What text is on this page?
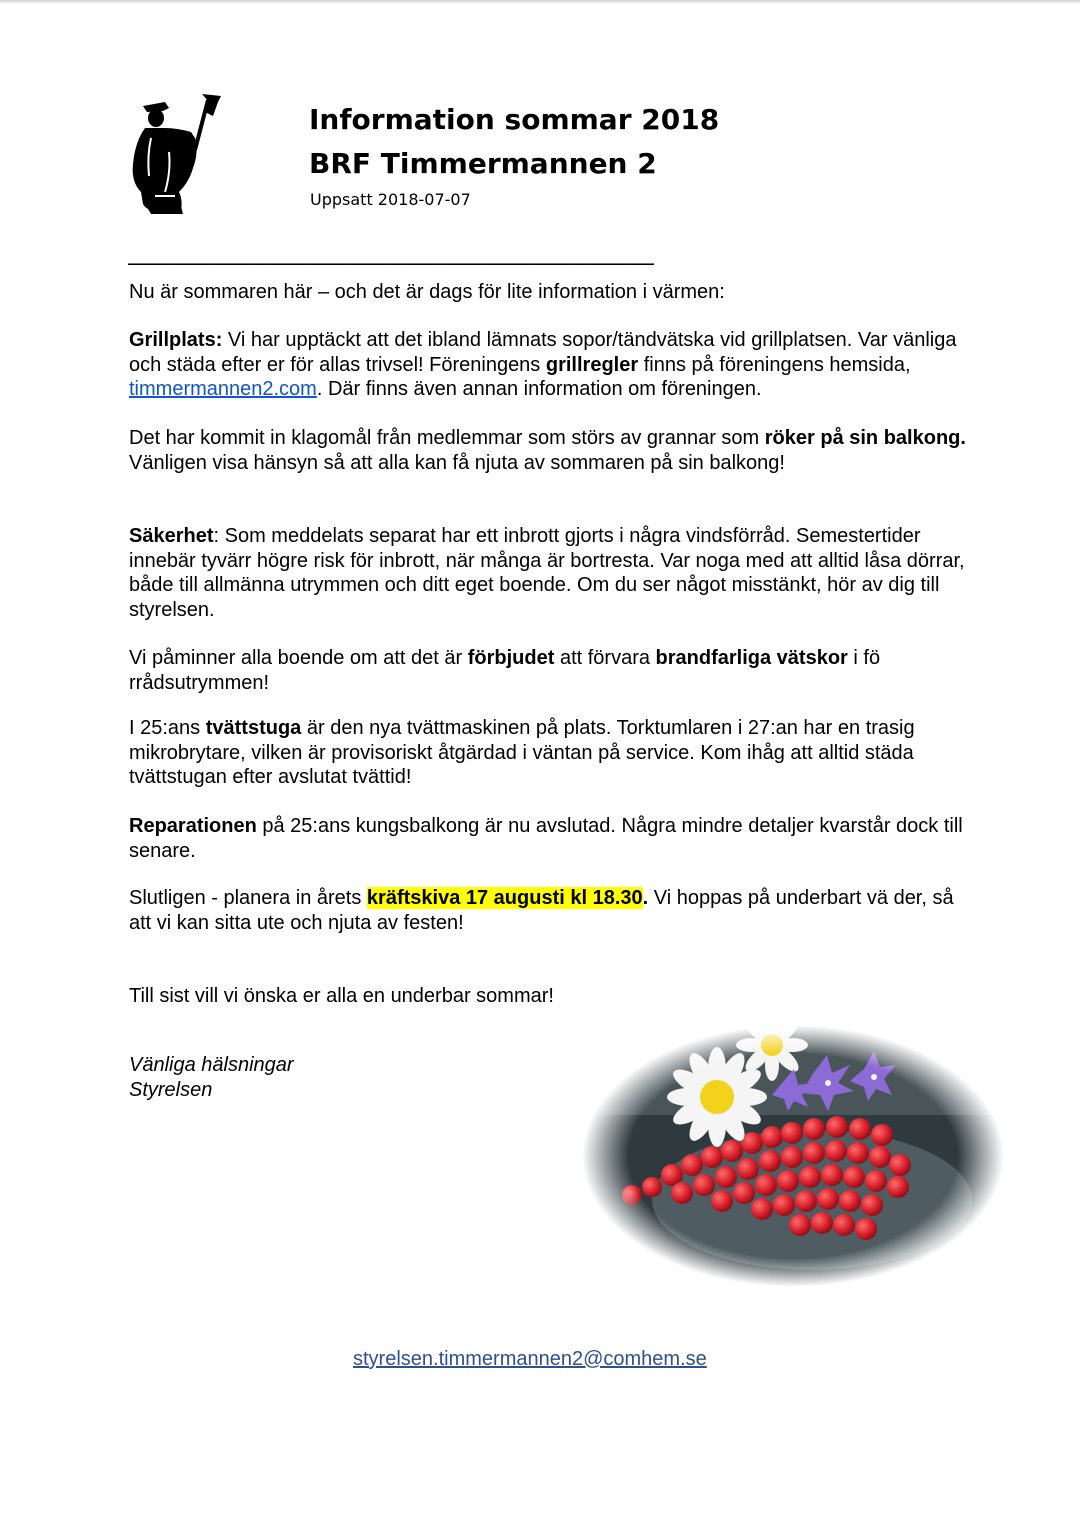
Information sommar 2018
BRF Timmermannen 2
Uppsatt 2018-07-07
______________________________________

Nu är sommaren här – och det är dags för lite information i värmen:

Grillplats: Vi har upptäckt att det ibland lämnats sopor/tändvätska vid grillplatsen. Var vänliga och städa efter er för allas trivsel! Föreningens grillregler finns på föreningens hemsida, timmermannen2.com. Där finns även annan information om föreningen.

Det har kommit in klagomål från medlemmar som störs av grannar som röker på sin balkong. Vänligen visa hänsyn så att alla kan få njuta av sommaren på sin balkong!

Säkerhet: Som meddelats separat har ett inbrott gjorts i några vindsförråd. Semestertider innebär tyvärr högre risk för inbrott, när många är bortresta. Var noga med att alltid låsa dörrar, både till allmänna utrymmen och ditt eget boende. Om du ser något misstänkt, hör av dig till styrelsen.

Vi påminner alla boende om att det är förbjudet att förvara brandfarliga vätskor i fö rrådsutrymmen!

I 25:ans tvättstuga är den nya tvättmaskinen på plats. Torktumlaren i 27:an har en trasig mikrobrytare, vilken är provisoriskt åtgärdad i väntan på service. Kom ihåg att alltid städa tvättstugan efter avslutat tvättid!

Reparationen på 25:ans kungsbalkong är nu avslutad. Några mindre detaljer kvarstår dock till senare.

Slutligen - planera in årets kräftskiva 17 augusti kl 18.30. Vi hoppas på underbart vä der, så att vi kan sitta ute och njuta av festen!

Till sist vill vi önska er alla en underbar sommar!

Vänliga hälsningar
Styrelsen
styrelsen.timmermannen2@comhem.se
